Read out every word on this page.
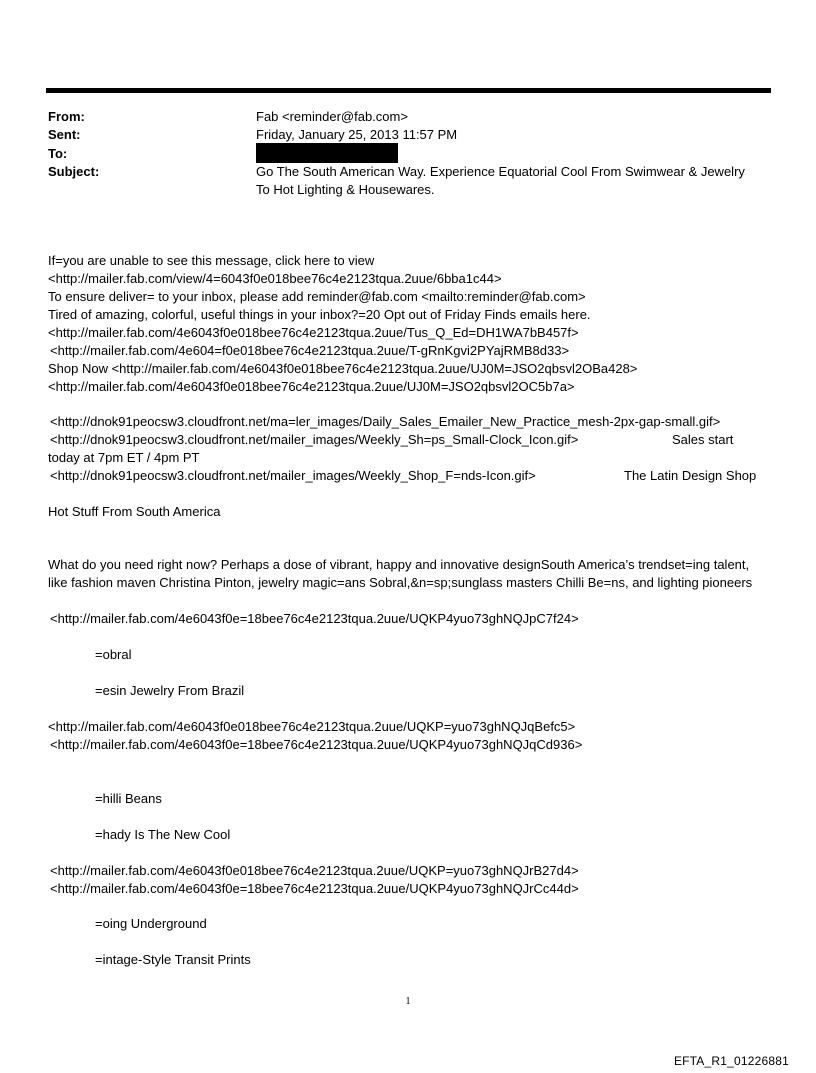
From:	Fab <reminder@fab.com>
Sent:	Friday, January 25, 2013 11:57 PM
To:
Subject:	Go The South American Way. Experience Equatorial Cool From Swimwear & Jewelry To Hot Lighting & Housewares.
If=you are unable to see this message, click here to view
<http://mailer.fab.com/view/4=6043f0e018bee76c4e2123tqua.2uue/6bba1c44>
To ensure deliver= to your inbox, please add reminder@fab.com <mailto:reminder@fab.com>
Tired of amazing, colorful, useful things in your inbox?=20 Opt out of Friday Finds emails here.
<http://mailer.fab.com/4e6043f0e018bee76c4e2123tqua.2uue/Tus_Q_Ed=DH1WA7bB457f>
<http://mailer.fab.com/4e604=f0e018bee76c4e2123tqua.2uue/T-gRnKgvi2PYajRMB8d33>
Shop Now <http://mailer.fab.com/4e6043f0e018bee76c4e2123tqua.2uue/UJ0M=JSO2qbsvl2OBa428>
<http://mailer.fab.com/4e6043f0e018bee76c4e2123tqua.2uue/UJ0M=JSO2qbsvl2OC5b7a>
<http://dnok91peocsw3.cloudfront.net/ma=ler_images/Daily_Sales_Emailer_New_Practice_mesh-2px-gap-small.gif>
<http://dnok91peocsw3.cloudfront.net/mailer_images/Weekly_Sh=ps_Small-Clock_Icon.gif>	Sales start
today at 7pm ET / 4pm PT
<http://dnok91peocsw3.cloudfront.net/mailer_images/Weekly_Shop_F=nds-Icon.gif>	The Latin Design Shop
Hot Stuff From South America
What do you need right now? Perhaps a dose of vibrant, happy and innovative designSouth America’s trendset=ing talent, like fashion maven Christina Pinton, jewelry magic=ans Sobral,&n=sp;sunglass masters Chilli Be=ns, and lighting pioneers
<http://mailer.fab.com/4e6043f0e=18bee76c4e2123tqua.2uue/UQKP4yuo73ghNQJpC7f24>
=obral
=esin Jewelry From Brazil
<http://mailer.fab.com/4e6043f0e018bee76c4e2123tqua.2uue/UQKP=yuo73ghNQJqBefc5>
<http://mailer.fab.com/4e6043f0e=18bee76c4e2123tqua.2uue/UQKP4yuo73ghNQJqCd936>
=hilli Beans
=hady Is The New Cool
<http://mailer.fab.com/4e6043f0e018bee76c4e2123tqua.2uue/UQKP=yuo73ghNQJrB27d4>
<http://mailer.fab.com/4e6043f0e=18bee76c4e2123tqua.2uue/UQKP4yuo73ghNQJrCc44d>
=oing Underground
=intage-Style Transit Prints
1
EFTA_R1_01226881
